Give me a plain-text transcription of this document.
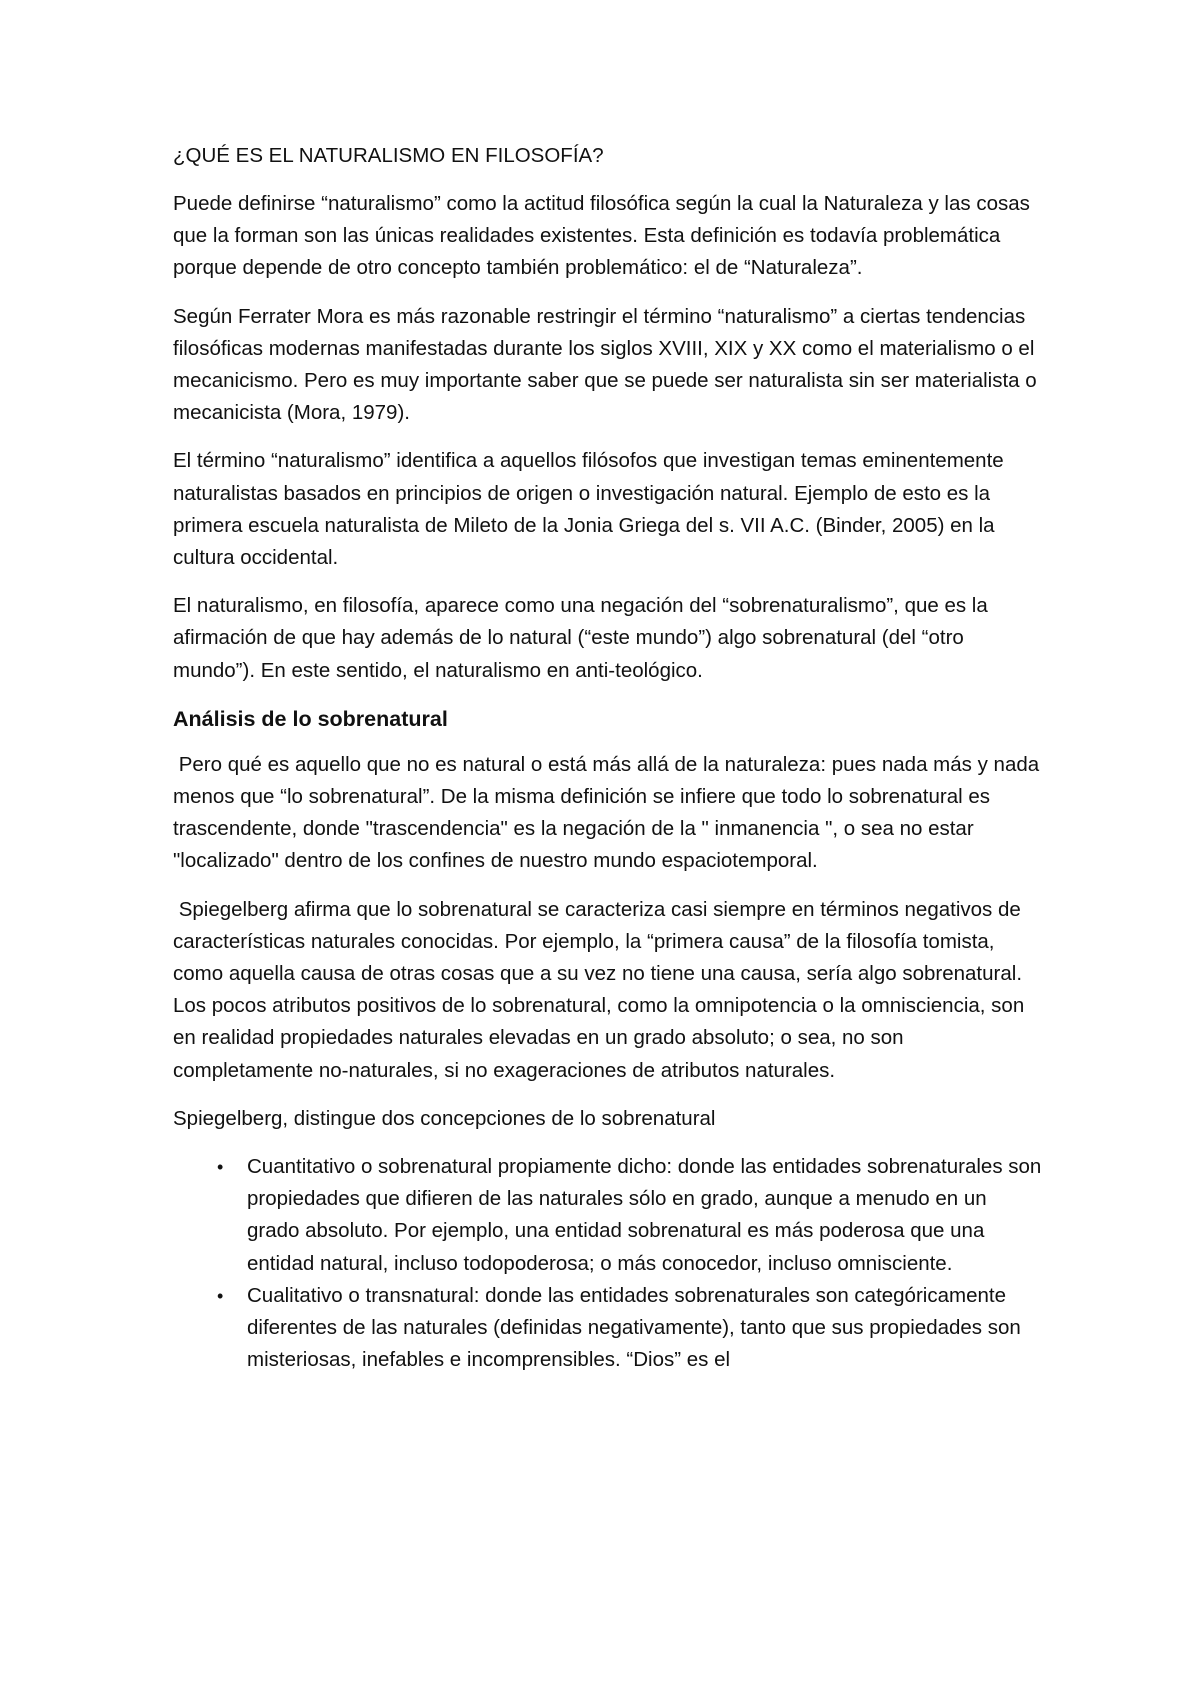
¿QUÉ ES EL NATURALISMO EN FILOSOFÍA?

Puede definirse “naturalismo” como la actitud filosófica según la cual la Naturaleza y las cosas que la forman son las únicas realidades existentes. Esta definición es todavía problemática porque depende de otro concepto también problemático: el de “Naturaleza”.

Según Ferrater Mora es más razonable restringir el término “naturalismo” a ciertas tendencias filosóficas modernas manifestadas durante los siglos XVIII, XIX y XX como el materialismo o el mecanicismo. Pero es muy importante saber que se puede ser naturalista sin ser materialista o mecanicista (Mora, 1979).

El término “naturalismo” identifica a aquellos filósofos que investigan temas eminentemente naturalistas basados en principios de origen o investigación natural. Ejemplo de esto es la primera escuela naturalista de Mileto de la Jonia Griega del s. VII A.C. (Binder, 2005) en la cultura occidental.

El naturalismo, en filosofía, aparece como una negación del “sobrenaturalismo”, que es la afirmación de que hay además de lo natural (“este mundo”) algo sobrenatural (del “otro mundo”). En este sentido, el naturalismo en anti-teológico.

Análisis de lo sobrenatural

Pero qué es aquello que no es natural o está más allá de la naturaleza: pues nada más y nada menos que “lo sobrenatural”. De la misma definición se infiere que todo lo sobrenatural es trascendente, donde "trascendencia" es la negación de la " inmanencia ", o sea no estar "localizado" dentro de los confines de nuestro mundo espaciotemporal.

Spiegelberg afirma que lo sobrenatural se caracteriza casi siempre en términos negativos de características naturales conocidas. Por ejemplo, la “primera causa” de la filosofía tomista, como aquella causa de otras cosas que a su vez no tiene una causa, sería algo sobrenatural. Los pocos atributos positivos de lo sobrenatural, como la omnipotencia o la omnisciencia, son en realidad propiedades naturales elevadas en un grado absoluto; o sea, no son completamente no-naturales, si no exageraciones de atributos naturales.

Spiegelberg, distingue dos concepciones de lo sobrenatural

• Cuantitativo o sobrenatural propiamente dicho: donde las entidades sobrenaturales son propiedades que difieren de las naturales sólo en grado, aunque a menudo en un grado absoluto. Por ejemplo, una entidad sobrenatural es más poderosa que una entidad natural, incluso todopoderosa; o más conocedor, incluso omnisciente.
• Cualitativo o transnatural: donde las entidades sobrenaturales son categóricamente diferentes de las naturales (definidas negativamente), tanto que sus propiedades son misteriosas, inefables e incomprensibles. “Dios” es el
